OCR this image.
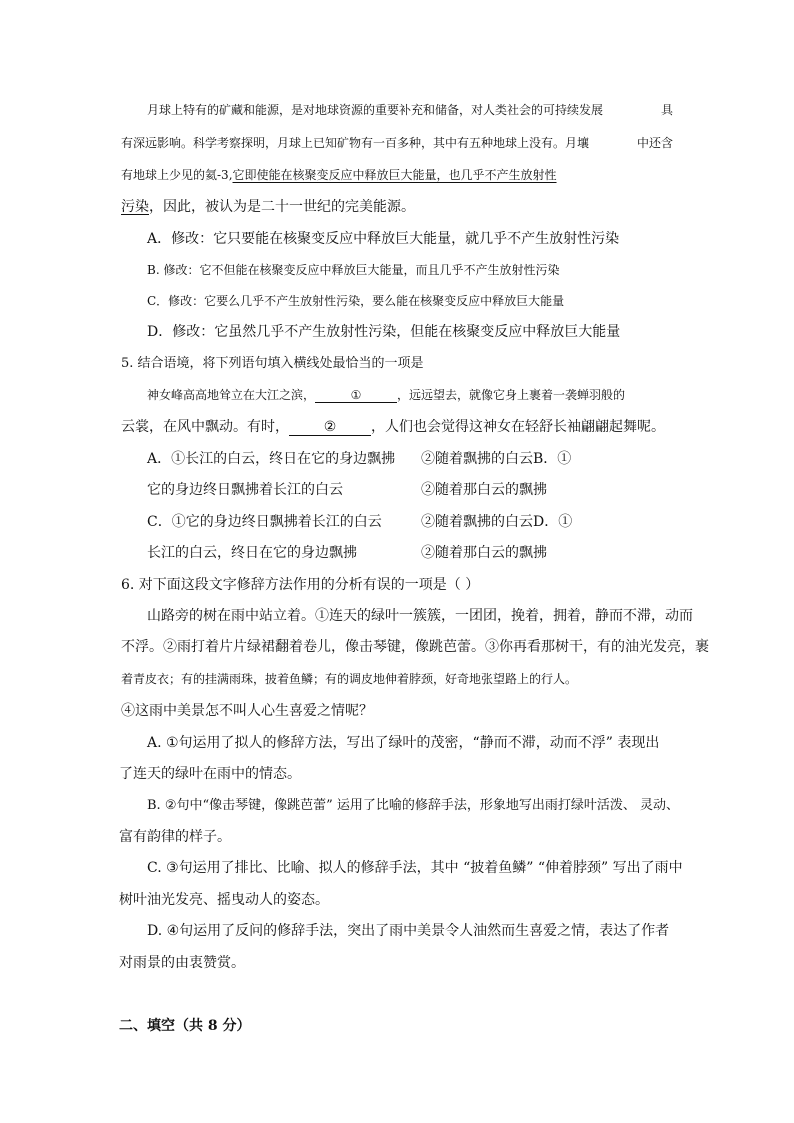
月球上特有的矿藏和能源，是对地球资源的重要补充和储备，对人类社会的可持续发展	具
有深远影响。科学考察探明，月球上已知矿物有一百多种，其中有五种地球上没有。月壤	中还含
有地球上少见的氦-3,它即使能在核聚变反应中释放巨大能量，也几乎不产生放射性
污染，因此，被认为是二十一世纪的完美能源。
A．修改：它只要能在核聚变反应中释放巨大能量，就几乎不产生放射性污染
B. 修改：它不但能在核聚变反应中释放巨大能量，而且几乎不产生放射性污染
C．修改：它要么几乎不产生放射性污染，要么能在核聚变反应中释放巨大能量
D．修改：它虽然几乎不产生放射性污染，但能在核聚变反应中释放巨大能量
5. 结合语境，将下列语句填入横线处最恰当的一项是
神女峰高高地耸立在大江之滨，	①	，远远望去，就像它身上裹着一袭蝉羽般的
云裳，在风中飘动。有时， ② ，人们也会觉得这神女在轻舒长袖翩翩起舞呢。
A．①长江的白云，终日在它的身边飘拂 ②随着飘拂的白云B．①
它的身边终日飘拂着长江的白云	②随着那白云的飘拂
C．①它的身边终日飘拂着长江的白云	②随着飘拂的白云D．①
长江的白云，终日在它的身边飘拂	②随着那白云的飘拂
6. 对下面这段文字修辞方法作用的分析有误的一项是（ ）
山路旁的树在雨中站立着。①连天的绿叶一簇簇，一团团，挽着，拥着，静而不滞，动而
不浮。②雨打着片片绿裙翻着卷儿，像击琴键，像跳芭蕾。③你再看那树干，有的油光发亮，裹
着青皮衣；有的挂满雨珠，披着鱼鳞；有的调皮地伸着脖颈，好奇地张望路上的行人。
④这雨中美景怎不叫人心生喜爱之情呢？
A. ①句运用了拟人的修辞方法，写出了绿叶的茂密，“静而不滞，动而不浮” 表现出
了连天的绿叶在雨中的情态。
B. ②句中“像击琴键，像跳芭蕾” 运用了比喻的修辞手法，形象地写出雨打绿叶活泼、 灵动、
富有韵律的样子。
C. ③句运用了排比、比喻、拟人的修辞手法，其中 “披着鱼鳞” “伸着脖颈” 写出了雨中
树叶油光发亮、摇曳动人的姿态。
D. ④句运用了反问的修辞手法，突出了雨中美景令人油然而生喜爱之情，表达了作者
对雨景的由衷赞赏。
二、填空（共 8 分）
